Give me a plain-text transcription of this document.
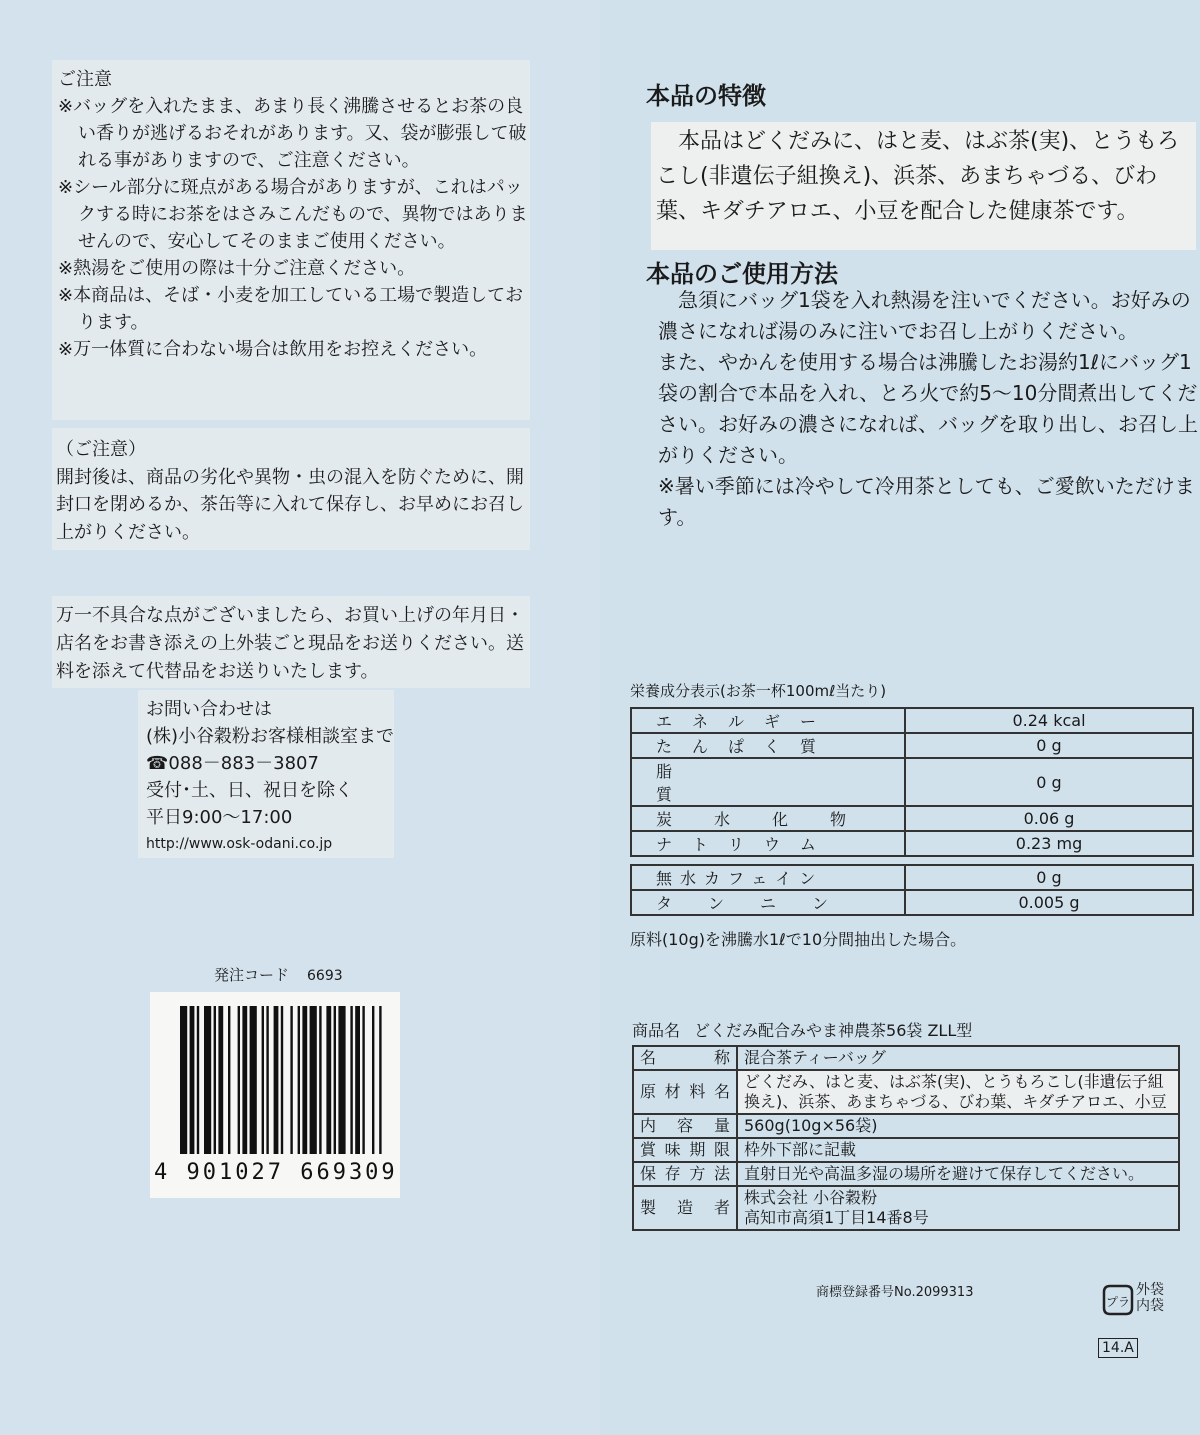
ご注意

※バッグを入れたまま、あまり長く沸騰させるとお茶の良い香りが逃げるおそれがあります。又、袋が膨張して破れる事がありますので、ご注意ください。

※シール部分に斑点がある場合がありますが、これはパックする時にお茶をはさみこんだもので、異物ではありませんので、安心してそのままご使用ください。

※熱湯をご使用の際は十分ご注意ください。

※本商品は、そば・小麦を加工している工場で製造しております。

※万一体質に合わない場合は飲用をお控えください。

（ご注意）
開封後は、商品の劣化や異物・虫の混入を防ぐために、開封口を閉めるか、茶缶等に入れて保存し、お早めにお召し上がりください。
万一不具合な点がございましたら、お買い上げの年月日・店名をお書き添えの上外装ごと現品をお送りください。送料を添えて代替品をお送りいたします。
お問い合わせは
(株)小谷穀粉お客様相談室まで
☎088－883－3807
受付･土、日、祝日を除く
平日9:00～17:00
http://www.osk-odani.co.jp
発注コード 6693
4 901027 669309
本品の特徴
　本品はどくだみに、はと麦、はぶ茶(実)、とうもろこし(非遺伝子組換え)、浜茶、あまちゃづる、びわ葉、キダチアロエ、小豆を配合した健康茶です。
本品のご使用方法

　急須にバッグ1袋を入れ熱湯を注いでください。お好みの濃さになれば湯のみに注いでお召し上がりください。

また、やかんを使用する場合は沸騰したお湯約1ℓにバッグ1袋の割合で本品を入れ、とろ火で約5～10分間煮出してください。お好みの濃さになれば、バッグを取り出し、お召し上がりください。

※暑い季節には冷やして冷用茶としても、ご愛飲いただけます。

栄養成分表示(お茶一杯100mℓ当たり)
エネルギー	0.24 kcal
たんぱく質	0 g
脂質	0 g
炭水化物	0.06 g
ナトリウム	0.23 mg
無水カフェイン	0 g
タンニン	0.005 g
原料(10g)を沸騰水1ℓで10分間抽出した場合。
商品名 どくだみ配合みやま神農茶56袋 ZLL型
名称	混合茶ティーバッグ
原材料名	どくだみ、はと麦、はぶ茶(実)、とうもろこし(非遺伝子組換え)、浜茶、あまちゃづる、びわ葉、キダチアロエ、小豆
内容量	560g(10g×56袋)
賞味期限	枠外下部に記載
保存方法	直射日光や高温多湿の場所を避けて保存してください。
製造者	株式会社 小谷穀粉
高知市高須1丁目14番8号
商標登録番号No.2099313
プラ
外袋
内袋
14.A
